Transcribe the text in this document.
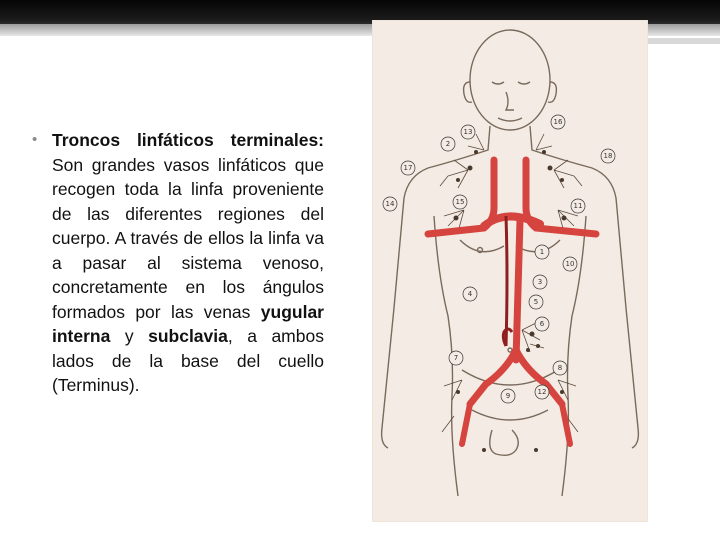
• Troncos linfáticos terminales: Son grandes vasos linfáticos que recogen toda la linfa proveniente de las diferentes regiones del cuerpo. A través de ellos la linfa va a pasar al sistema venoso, concretamente en los ángulos formados por las venas yugular interna y subclavia, a ambos lados de la base del cuello (Terminus).
16
13
2
18
17
14	15	11
1
10
3
4
5
6
7
8
9	12
